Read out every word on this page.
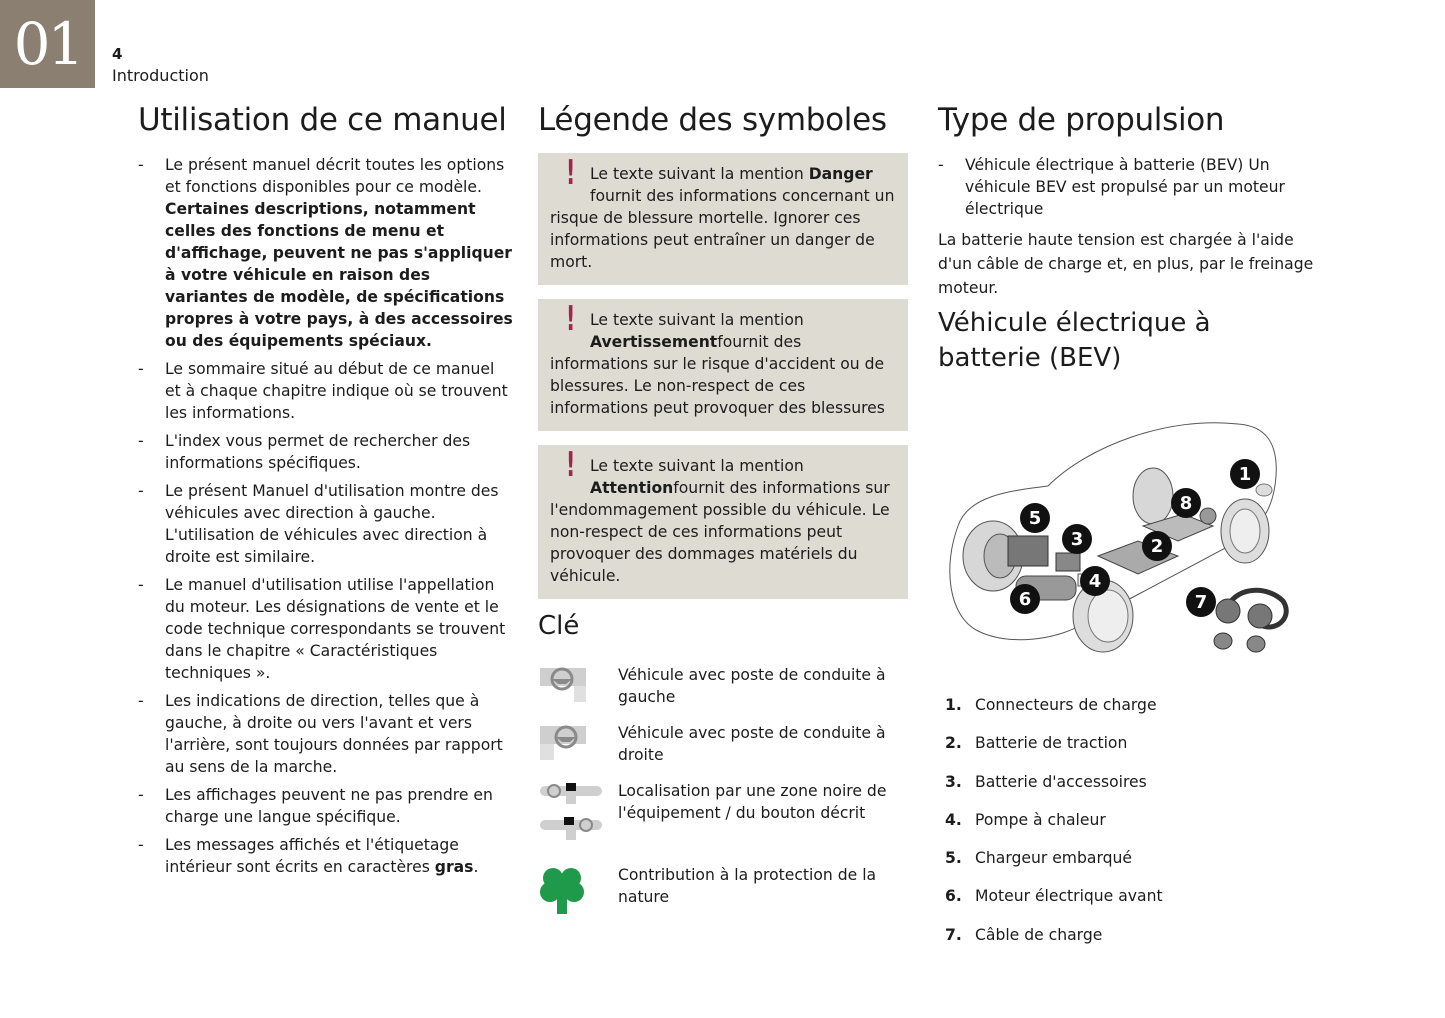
01	4
Introduction
Utilisation de ce manuel
- Le présent manuel décrit toutes les options et fonctions disponibles pour ce modèle. Certaines descriptions, notamment celles des fonctions de menu et d'affichage, peuvent ne pas s'appliquer à votre véhicule en raison des variantes de modèle, de spécifications propres à votre pays, à des accessoires ou des équipements spéciaux.
- Le sommaire situé au début de ce manuel et à chaque chapitre indique où se trouvent les informations.
- L'index vous permet de rechercher des informations spécifiques.
- Le présent Manuel d'utilisation montre des véhicules avec direction à gauche. L'utilisation de véhicules avec direction à droite est similaire.
- Le manuel d'utilisation utilise l'appellation du moteur. Les désignations de vente et le code technique correspondants se trouvent dans le chapitre « Caractéristiques techniques ».
- Les indications de direction, telles que à gauche, à droite ou vers l'avant et vers l'arrière, sont toujours données par rapport au sens de la marche.
- Les affichages peuvent ne pas prendre en charge une langue spécifique.
- Les messages affichés et l'étiquetage intérieur sont écrits en caractères gras.
Légende des symboles
! Le texte suivant la mention Danger fournit des informations concernant un risque de blessure mortelle. Ignorer ces informations peut entraîner un danger de mort.
! Le texte suivant la mention Avertissementfournit des informations sur le risque d'accident ou de blessures. Le non-respect de ces informations peut provoquer des blessures
! Le texte suivant la mention Attentionfournit des informations sur l'endommagement possible du véhicule. Le non-respect de ces informations peut provoquer des dommages matériels du véhicule.
Clé
Véhicule avec poste de conduite à gauche
Véhicule avec poste de conduite à droite
Localisation par une zone noire de l'équipement / du bouton décrit
Contribution à la protection de la nature
Type de propulsion
- Véhicule électrique à batterie (BEV) Un véhicule BEV est propulsé par un moteur électrique

La batterie haute tension est chargée à l'aide d'un câble de charge et, en plus, par le freinage moteur.

Véhicule électrique à batterie (BEV)
1
2
3
4
5
6	7
8
1. Connecteurs de charge
2. Batterie de traction
3. Batterie d'accessoires
4. Pompe à chaleur
5. Chargeur embarqué
6. Moteur électrique avant
7. Câble de charge
